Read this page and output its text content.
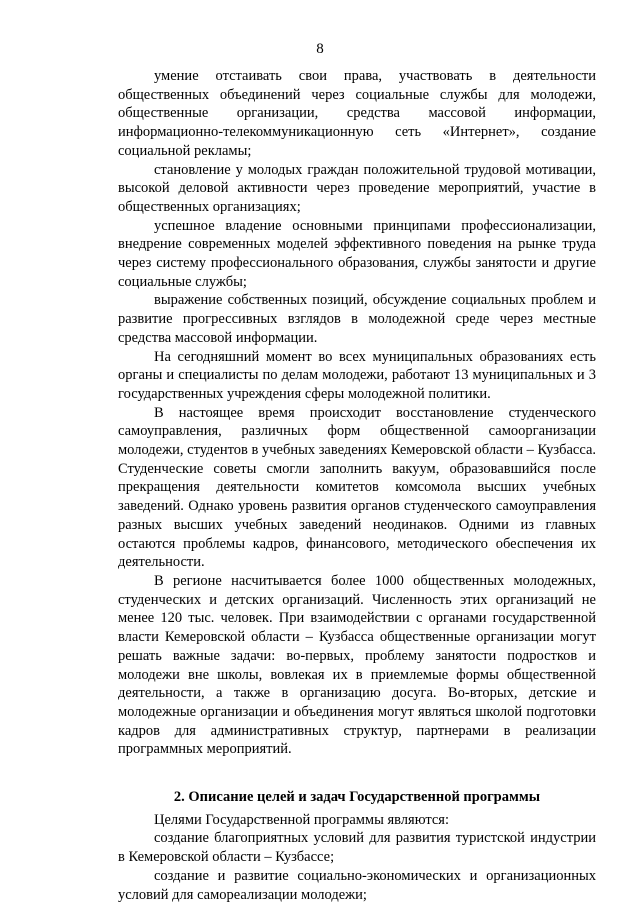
8

умение отстаивать свои права, участвовать в деятельности общественных объединений через социальные службы для молодежи, общественные организации, средства массовой информации, информационно-телекоммуникационную сеть «Интернет», создание социальной рекламы;

становление у молодых граждан положительной трудовой мотивации, высокой деловой активности через проведение мероприятий, участие в общественных организациях;

успешное владение основными принципами профессионализации, внедрение современных моделей эффективного поведения на рынке труда через систему профессионального образования, службы занятости и другие социальные службы;

выражение собственных позиций, обсуждение социальных проблем и развитие прогрессивных взглядов в молодежной среде через местные средства массовой информации.

На сегодняшний момент во всех муниципальных образованиях есть органы и специалисты по делам молодежи, работают 13 муниципальных и 3 государственных учреждения сферы молодежной политики.

В настоящее время происходит восстановление студенческого самоуправления, различных форм общественной самоорганизации молодежи, студентов в учебных заведениях Кемеровской области – Кузбасса. Студенческие советы смогли заполнить вакуум, образовавшийся после прекращения деятельности комитетов комсомола высших учебных заведений. Однако уровень развития органов студенческого самоуправления разных высших учебных заведений неодинаков. Одними из главных остаются проблемы кадров, финансового, методического обеспечения их деятельности.

В регионе насчитывается более 1000 общественных молодежных, студенческих и детских организаций. Численность этих организаций не менее 120 тыс. человек. При взаимодействии с органами государственной власти Кемеровской области – Кузбасса общественные организации могут решать важные задачи: во-первых, проблему занятости подростков и молодежи вне школы, вовлекая их в приемлемые формы общественной деятельности, а также в организацию досуга. Во-вторых, детские и молодежные организации и объединения могут являться школой подготовки кадров для административных структур, партнерами в реализации программных мероприятий.

2. Описание целей и задач Государственной программы

Целями Государственной программы являются:

создание благоприятных условий для развития туристской индустрии в Кемеровской области – Кузбассе;

создание и развитие социально-экономических и организационных условий для самореализации молодежи;
